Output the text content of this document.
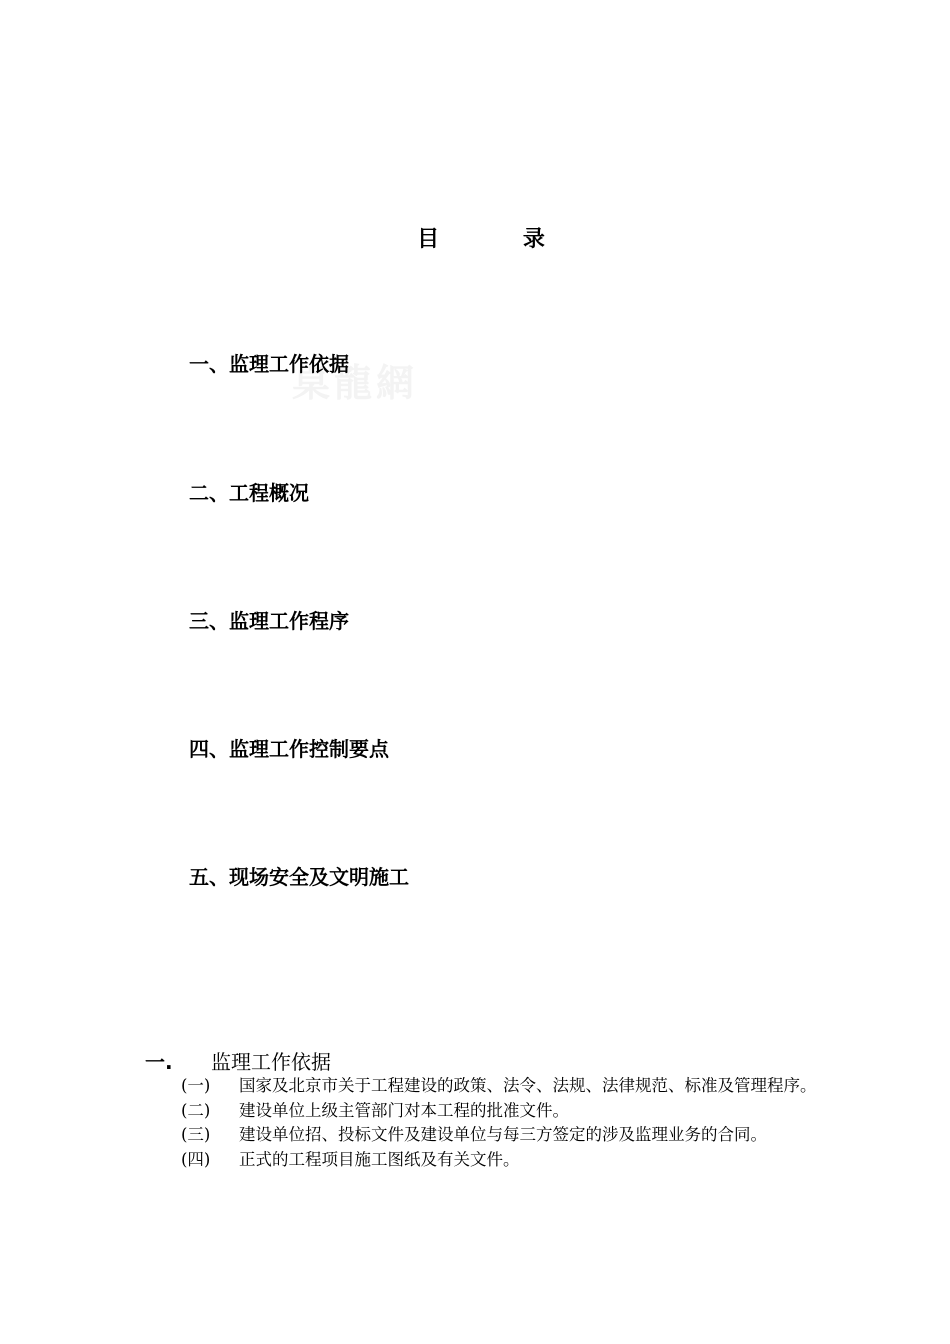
目 录
桌龍網
一、监理工作依据
二、工程概况
三、监理工作程序
四、监理工作控制要点
五、现场安全及文明施工
一. 监理工作依据

(一) 国家及北京市关于工程建设的政策、法令、法规、法律规范、标准及管理程序。

(二) 建设单位上级主管部门对本工程的批准文件。

(三) 建设单位招、投标文件及建设单位与每三方签定的涉及监理业务的合同。

(四) 正式的工程项目施工图纸及有关文件。
